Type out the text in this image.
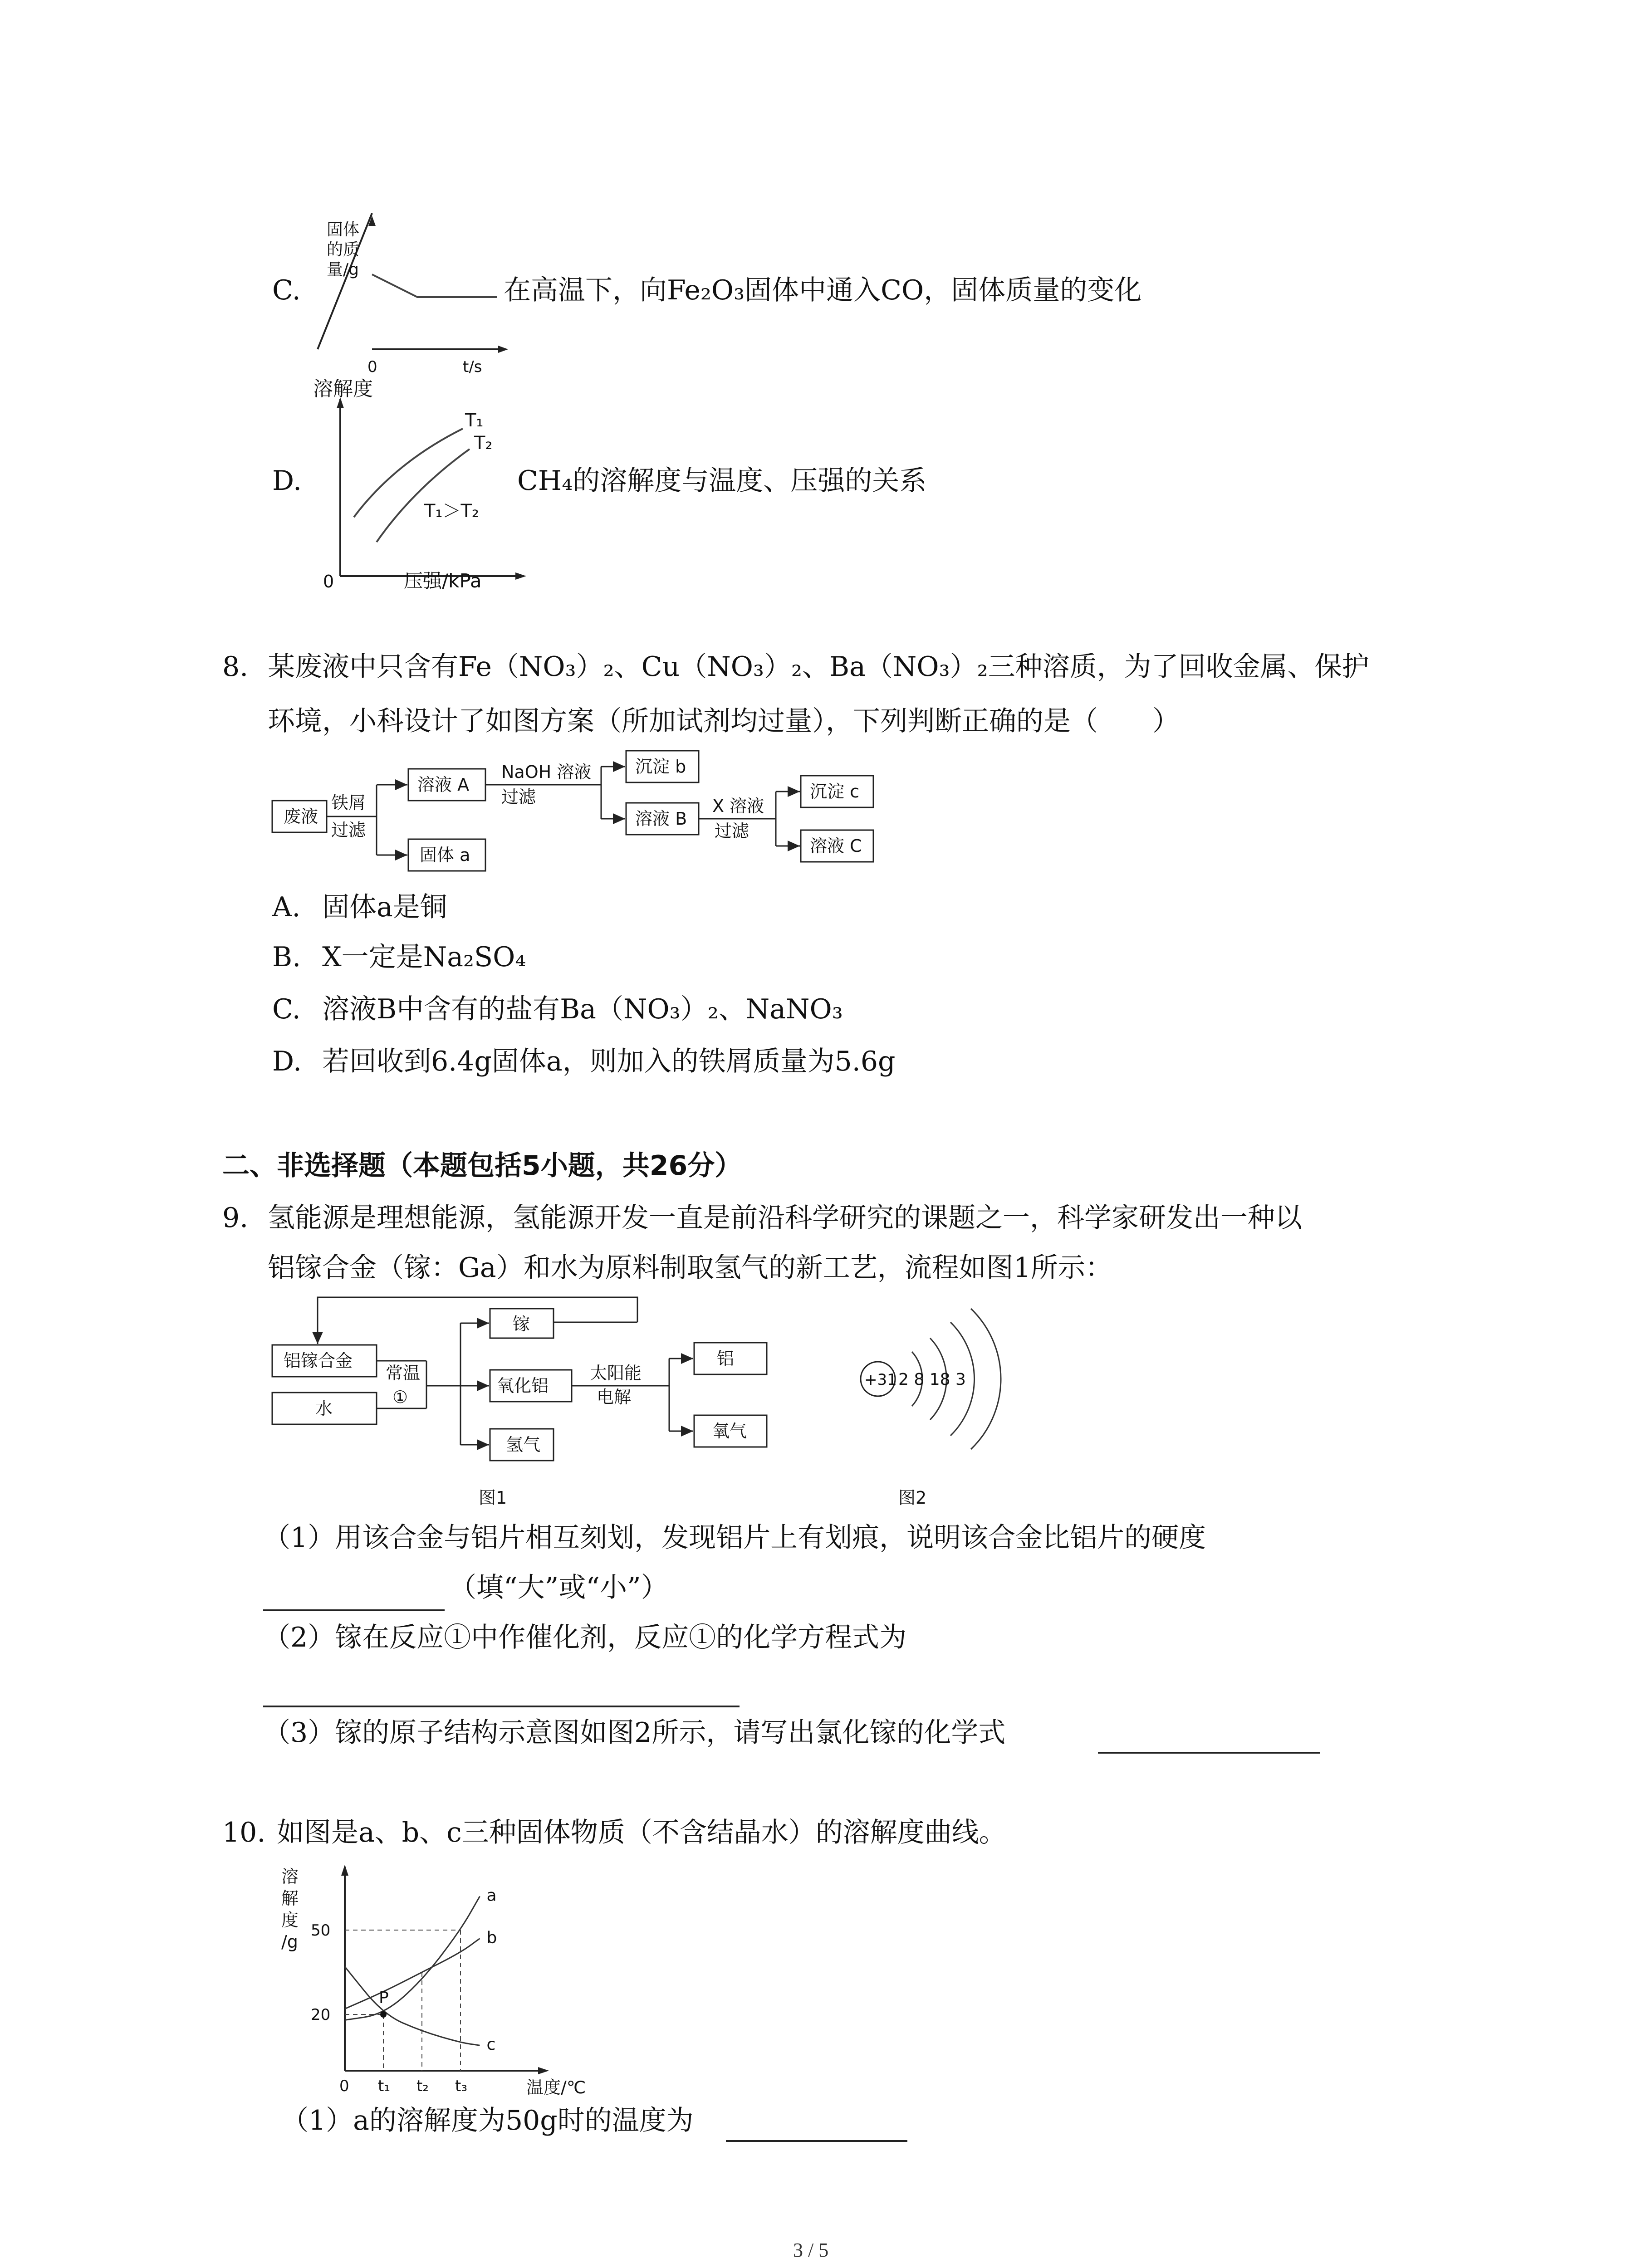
C.
固体
的质
量/g
0	t/s
在高温下，向Fe₂O₃固体中通入CO，固体质量的变化
D.
溶解度
T₁
T₂
T₁＞T₂
0	压强/kPa
CH₄的溶解度与温度、压强的关系
8. 某废液中只含有Fe（NO₃）₂、Cu（NO₃）₂、Ba（NO₃）₂三种溶质，为了回收金属、保护
环境，小科设计了如图方案（所加试剂均过量），下列判断正确的是（　　）
废液
铁屑
过滤
溶液 A
固体 a
NaOH 溶液
过滤
沉淀 b
溶液 B
X 溶液
过滤
沉淀 c
溶液 C
A. 固体a是铜
B. X一定是Na₂SO₄
C. 溶液B中含有的盐有Ba（NO₃）₂、NaNO₃
D. 若回收到6.4g固体a，则加入的铁屑质量为5.6g
二、非选择题（本题包括5小题，共26分）
9. 氢能源是理想能源，氢能源开发一直是前沿科学研究的课题之一，科学家研发出一种以
铝镓合金（镓：Ga）和水为原料制取氢气的新工艺，流程如图1所示：
铝镓合金
水
常温
①
镓
氧化铝
氢气
太阳能
电解
铝
氧气
图1
+31 2 8 18 3
图2
（1）用该合金与铝片相互刻划，发现铝片上有划痕，说明该合金比铝片的硬度
（填“大”或“小”）
（2）镓在反应①中作催化剂，反应①的化学方程式为
（3）镓的原子结构示意图如图2所示，请写出氯化镓的化学式
10. 如图是a、b、c三种固体物质（不含结晶水）的溶解度曲线。
溶
解
度
/g
温度/℃
0 t₁ t₂ t₃
20
50
a
b
c
P
（1）a的溶解度为50g时的温度为
3 / 5
